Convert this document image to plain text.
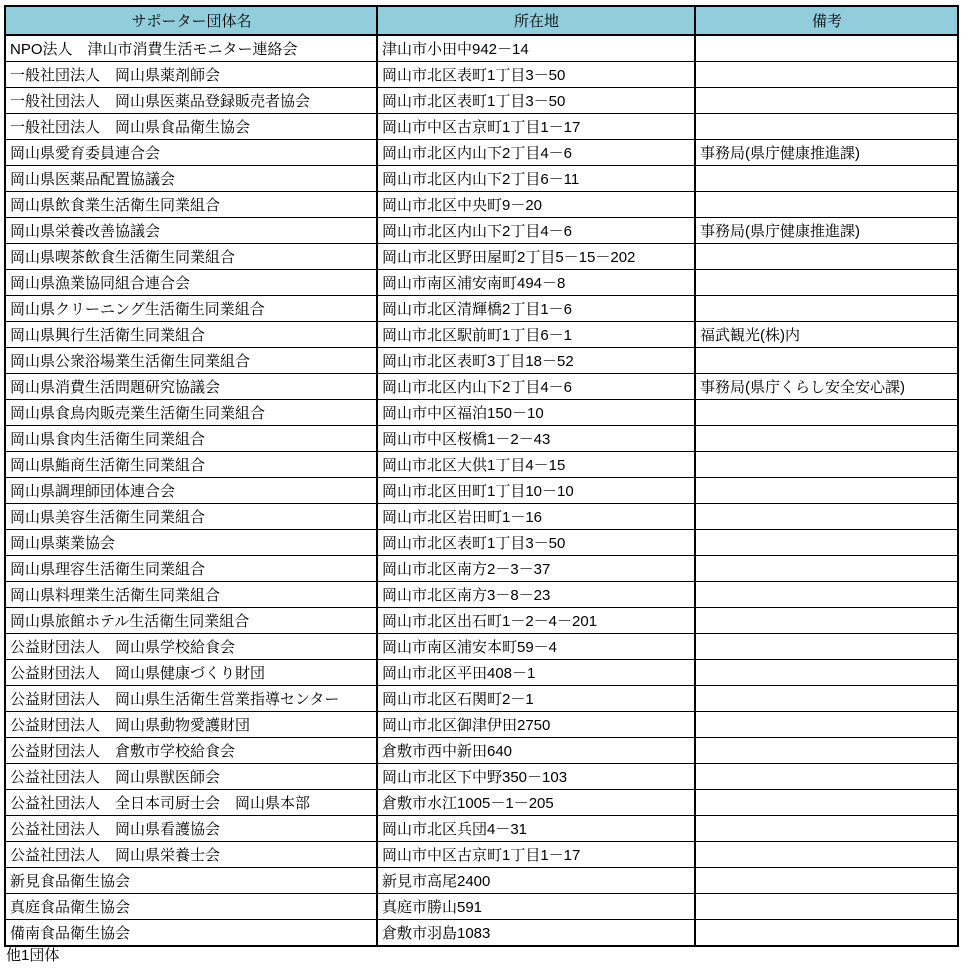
サポーター団体名	所在地	備考
NPO法人　津山市消費生活モニター連絡会	津山市小田中942－14	
一般社団法人　岡山県薬剤師会	岡山市北区表町1丁目3－50	
一般社団法人　岡山県医薬品登録販売者協会	岡山市北区表町1丁目3－50	
一般社団法人　岡山県食品衛生協会	岡山市中区古京町1丁目1－17	
岡山県愛育委員連合会	岡山市北区内山下2丁目4－6	事務局(県庁健康推進課)
岡山県医薬品配置協議会	岡山市北区内山下2丁目6－11	
岡山県飲食業生活衛生同業組合	岡山市北区中央町9－20	
岡山県栄養改善協議会	岡山市北区内山下2丁目4－6	事務局(県庁健康推進課)
岡山県喫茶飲食生活衛生同業組合	岡山市北区野田屋町2丁目5－15－202	
岡山県漁業協同組合連合会	岡山市南区浦安南町494－8	
岡山県クリーニング生活衛生同業組合	岡山市北区清輝橋2丁目1－6	
岡山県興行生活衛生同業組合	岡山市北区駅前町1丁目6－1	福武観光(株)内
岡山県公衆浴場業生活衛生同業組合	岡山市北区表町3丁目18－52	
岡山県消費生活問題研究協議会	岡山市北区内山下2丁目4－6	事務局(県庁くらし安全安心課)
岡山県食鳥肉販売業生活衛生同業組合	岡山市中区福泊150－10	
岡山県食肉生活衛生同業組合	岡山市中区桜橋1－2－43	
岡山県鮨商生活衛生同業組合	岡山市北区大供1丁目4－15	
岡山県調理師団体連合会	岡山市北区田町1丁目10－10	
岡山県美容生活衛生同業組合	岡山市北区岩田町1－16	
岡山県薬業協会	岡山市北区表町1丁目3－50	
岡山県理容生活衛生同業組合	岡山市北区南方2－3－37	
岡山県料理業生活衛生同業組合	岡山市北区南方3－8－23	
岡山県旅館ホテル生活衛生同業組合	岡山市北区出石町1－2－4－201	
公益財団法人　岡山県学校給食会	岡山市南区浦安本町59－4	
公益財団法人　岡山県健康づくり財団	岡山市北区平田408－1	
公益財団法人　岡山県生活衛生営業指導センター	岡山市北区石関町2－1	
公益財団法人　岡山県動物愛護財団	岡山市北区御津伊田2750	
公益財団法人　倉敷市学校給食会	倉敷市西中新田640	
公益社団法人　岡山県獣医師会	岡山市北区下中野350－103	
公益社団法人　全日本司厨士会　岡山県本部	倉敷市水江1005－1－205	
公益社団法人　岡山県看護協会	岡山市北区兵団4－31	
公益社団法人　岡山県栄養士会	岡山市中区古京町1丁目1－17	
新見食品衛生協会	新見市高尾2400	
真庭食品衛生協会	真庭市勝山591	
備南食品衛生協会	倉敷市羽島1083	
他1団体
